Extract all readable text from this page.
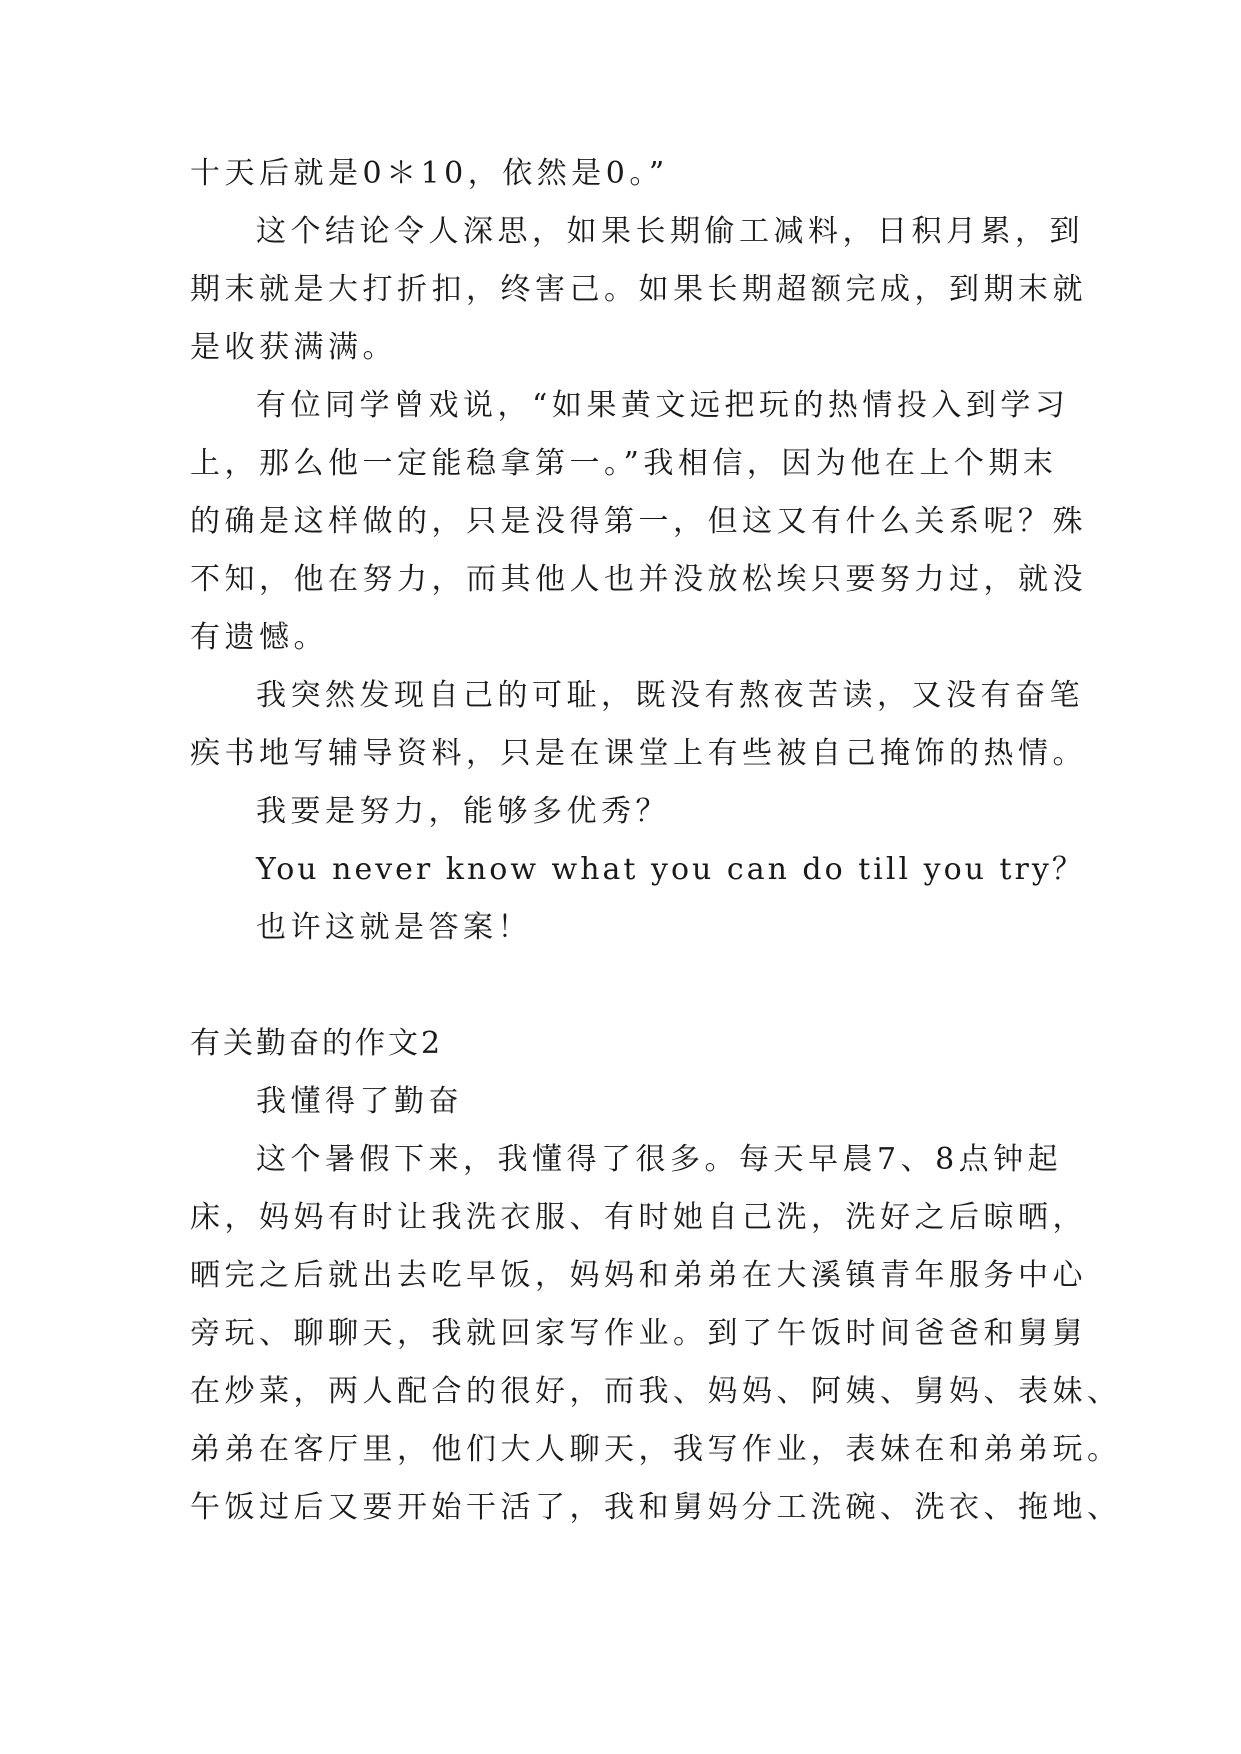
十天后就是0＊10，依然是0。”
这个结论令人深思，如果长期偷工减料，日积月累，到
期末就是大打折扣，终害己。如果长期超额完成，到期末就
是收获满满。
有位同学曾戏说，“如果黄文远把玩的热情投入到学习
上，那么他一定能稳拿第一。”我相信，因为他在上个期末
的确是这样做的，只是没得第一，但这又有什么关系呢？殊
不知，他在努力，而其他人也并没放松埃只要努力过，就没
有遗憾。
我突然发现自己的可耻，既没有熬夜苦读，又没有奋笔
疾书地写辅导资料，只是在课堂上有些被自己掩饰的热情。
我要是努力，能够多优秀？
You never know what you can do till you try？
也许这就是答案！
有关勤奋的作文2
我懂得了勤奋
这个暑假下来，我懂得了很多。每天早晨7、8点钟起
床，妈妈有时让我洗衣服、有时她自己洗，洗好之后晾晒，
晒完之后就出去吃早饭，妈妈和弟弟在大溪镇青年服务中心
旁玩、聊聊天，我就回家写作业。到了午饭时间爸爸和舅舅
在炒菜，两人配合的很好，而我、妈妈、阿姨、舅妈、表妹、
弟弟在客厅里，他们大人聊天，我写作业，表妹在和弟弟玩。
午饭过后又要开始干活了，我和舅妈分工洗碗、洗衣、拖地、
